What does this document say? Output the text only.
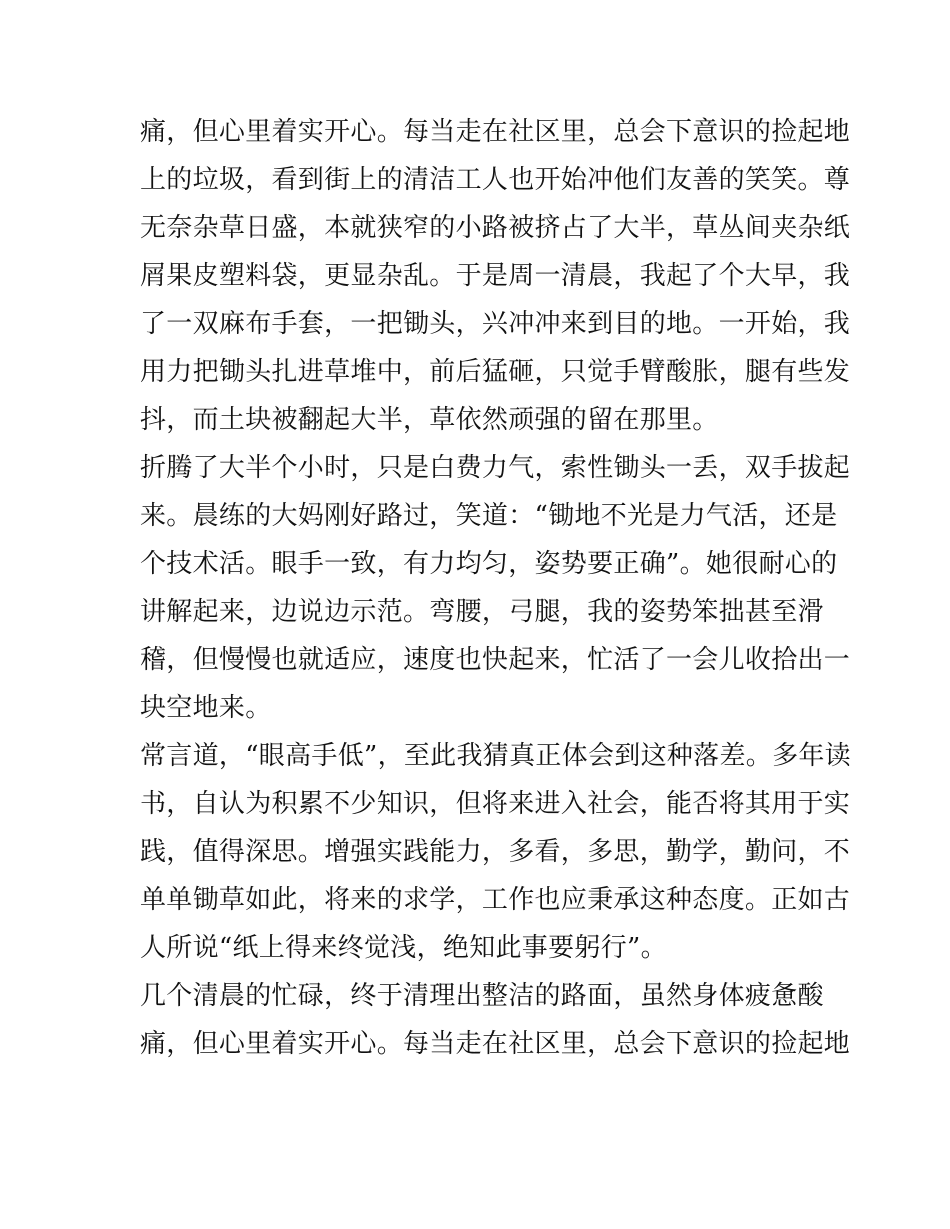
痛，但心里着实开心。每当走在社区里，总会下意识的捡起地
上的垃圾，看到街上的清洁工人也开始冲他们友善的笑笑。尊
无奈杂草日盛，本就狭窄的小路被挤占了大半，草丛间夹杂纸
屑果皮塑料袋，更显杂乱。于是周一清晨，我起了个大早，我
了一双麻布手套，一把锄头，兴冲冲来到目的地。一开始，我
用力把锄头扎进草堆中，前后猛砸，只觉手臂酸胀，腿有些发
抖，而土块被翻起大半，草依然顽强的留在那里。
折腾了大半个小时，只是白费力气，索性锄头一丢，双手拔起
来。晨练的大妈刚好路过，笑道：“锄地不光是力气活，还是
个技术活。眼手一致，有力均匀，姿势要正确”。她很耐心的
讲解起来，边说边示范。弯腰，弓腿，我的姿势笨拙甚至滑
稽，但慢慢也就适应，速度也快起来，忙活了一会儿收拾出一
块空地来。
常言道，“眼高手低”，至此我猜真正体会到这种落差。多年读
书，自认为积累不少知识，但将来进入社会，能否将其用于实
践，值得深思。增强实践能力，多看，多思，勤学，勤问，不
单单锄草如此，将来的求学，工作也应秉承这种态度。正如古
人所说“纸上得来终觉浅，绝知此事要躬行”。
几个清晨的忙碌，终于清理出整洁的路面，虽然身体疲惫酸
痛，但心里着实开心。每当走在社区里，总会下意识的捡起地
